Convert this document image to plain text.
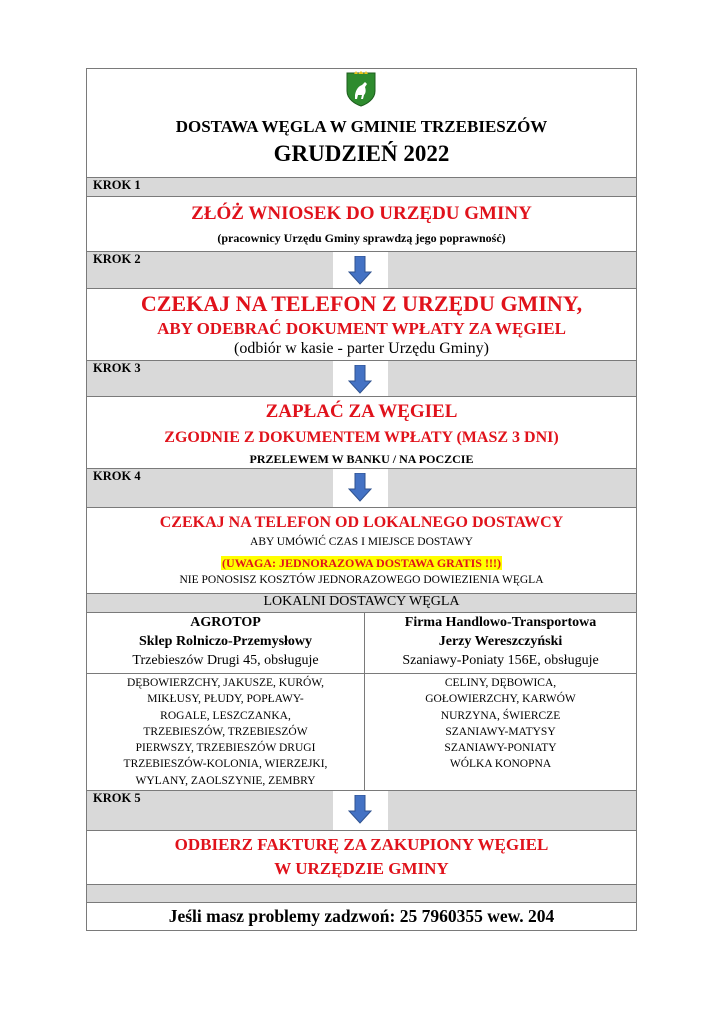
DOSTAWA WĘGLA W GMINIE TRZEBIESZÓW
GRUDZIEŃ 2022
KROK 1
ZŁÓŻ WNIOSEK DO URZĘDU GMINY
(pracownicy Urzędu Gminy sprawdzą jego poprawność)
KROK 2
CZEKAJ NA TELEFON Z URZĘDU GMINY,
ABY ODEBRAĆ DOKUMENT WPŁATY ZA WĘGIEL
(odbiór w kasie - parter Urzędu Gminy)
KROK 3
ZAPŁAĆ ZA WĘGIEL
ZGODNIE Z DOKUMENTEM WPŁATY (MASZ 3 DNI)
PRZELEWEM W BANKU / NA POCZCIE
KROK 4
CZEKAJ NA TELEFON OD LOKALNEGO DOSTAWCY
ABY UMÓWIĆ CZAS I MIEJSCE DOSTAWY
(UWAGA: JEDNORAZOWA DOSTAWA GRATIS !!!)
NIE PONOSISZ KOSZTÓW JEDNORAZOWEGO DOWIEZIENIA WĘGLA
LOKALNI DOSTAWCY WĘGLA
AGROTOP
Sklep Rolniczo-Przemysłowy
Trzebieszów Drugi 45, obsługuje
Firma Handlowo-Transportowa
Jerzy Wereszczyński
Szaniawy-Poniaty 156E, obsługuje
DĘBOWIERZCHY, JAKUSZE, KURÓW,
MIKŁUSY, PŁUDY, POPŁAWY-
ROGALE, LESZCZANKA,
TRZEBIESZÓW, TRZEBIESZÓW
PIERWSZY, TRZEBIESZÓW DRUGI
TRZEBIESZÓW-KOLONIA, WIERZEJKI,
WYLANY, ZAOLSZYNIE, ZEMBRY
CELINY, DĘBOWICA,
GOŁOWIERZCHY, KARWÓW
NURZYNA, ŚWIERCZE
SZANIAWY-MATYSY
SZANIAWY-PONIATY
WÓLKA KONOPNA
KROK 5
ODBIERZ FAKTURĘ ZA ZAKUPIONY WĘGIEL
W URZĘDZIE GMINY
Jeśli masz problemy zadzwoń: 25 7960355 wew. 204
